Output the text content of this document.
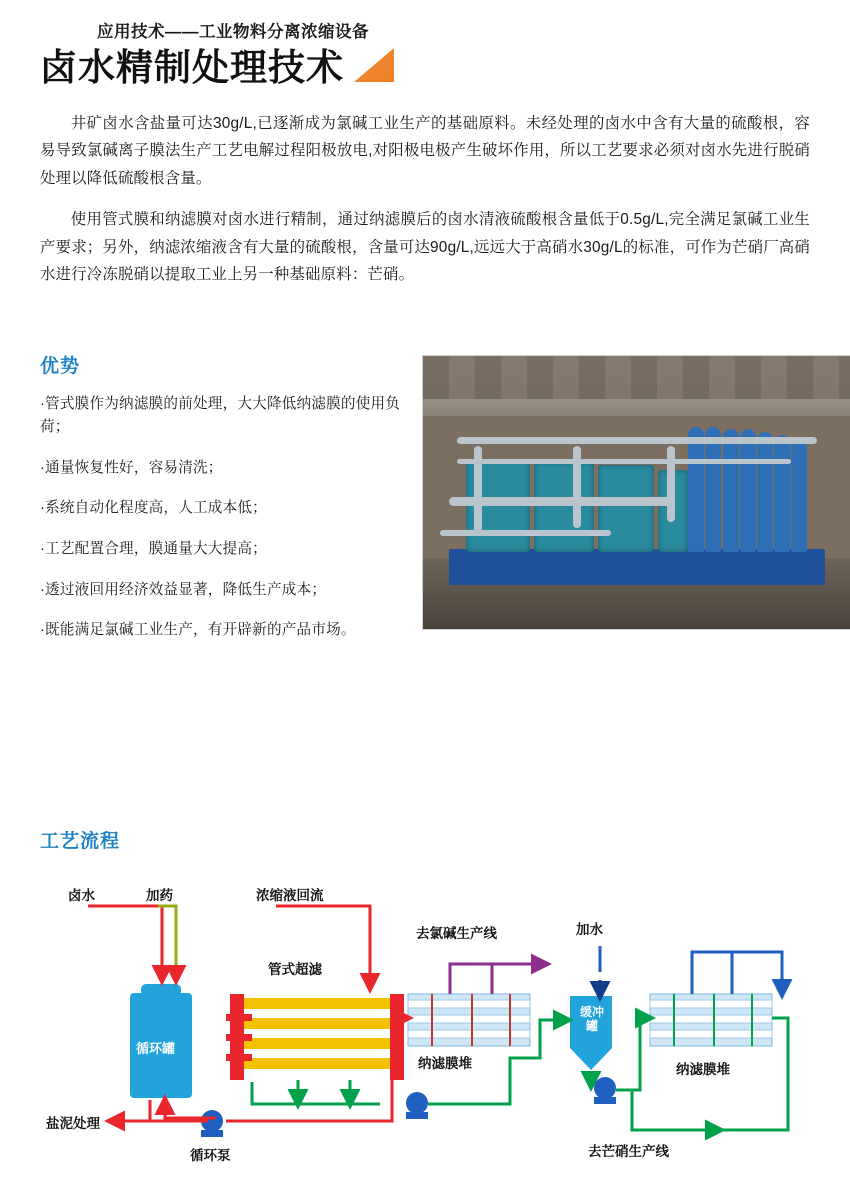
应用技术——工业物料分离浓缩设备
卤水精制处理技术
井矿卤水含盐量可达30g/L,已逐渐成为氯碱工业生产的基础原料。未经处理的卤水中含有大量的硫酸根，容易导致氯碱离子膜法生产工艺电解过程阳极放电,对阳极电极产生破坏作用，所以工艺要求必须对卤水先进行脱硝处理以降低硫酸根含量。
使用管式膜和纳滤膜对卤水进行精制，通过纳滤膜后的卤水清液硫酸根含量低于0.5g/L,完全满足氯碱工业生产要求；另外，纳滤浓缩液含有大量的硫酸根，含量可达90g/L,远远大于高硝水30g/L的标准，可作为芒硝厂高硝水进行冷冻脱硝以提取工业上另一种基础原料：芒硝。
优势
·管式膜作为纳滤膜的前处理，大大降低纳滤膜的使用负荷；
·通量恢复性好，容易清洗；
·系统自动化程度高，人工成本低；
·工艺配置合理，膜通量大大提高；
·透过液回用经济效益显著，降低生产成本；
·既能满足氯碱工业生产，有开辟新的产品市场。
工艺流程
卤水	加药	浓缩液回流
管式超滤
去氯碱生产线	加水
纳滤膜堆	纳滤膜堆
盐泥处理
循环泵	去芒硝生产线
循环罐
缓冲罐
